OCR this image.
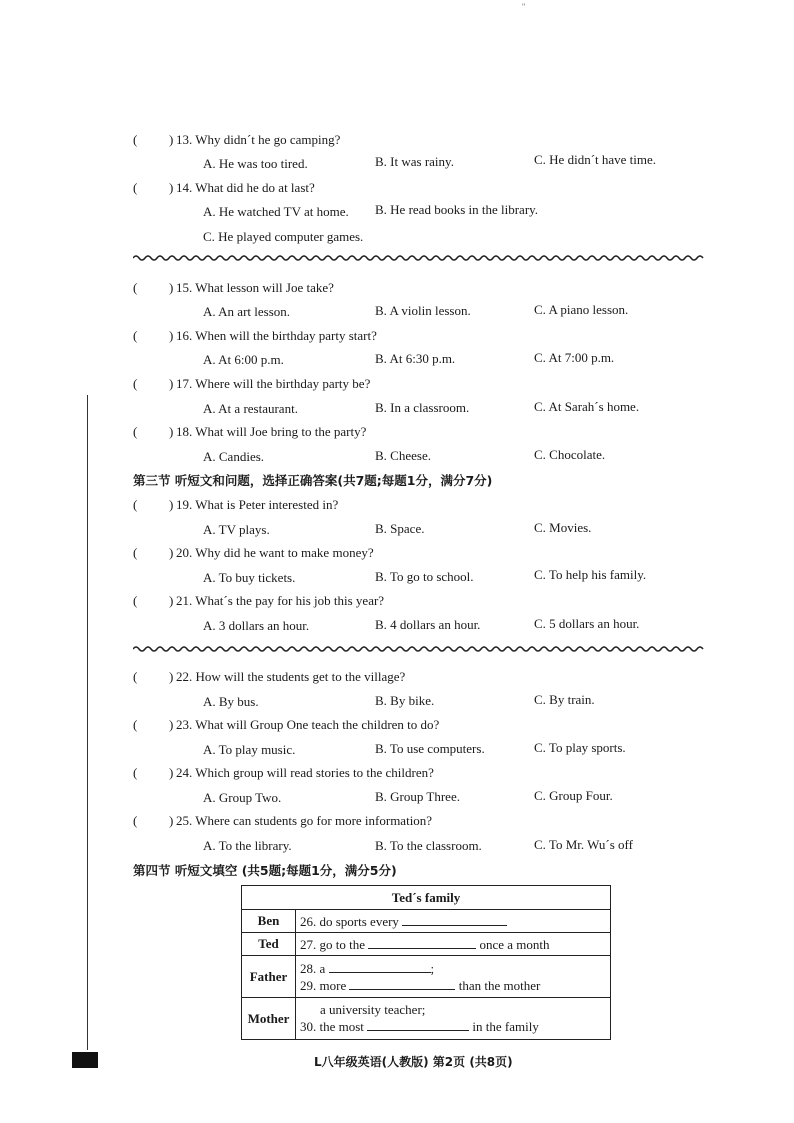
''
( ) 13. Why didn´t he go camping?
A. He was too tired.	B. It was rainy.	C. He didn´t have time.
( ) 14. What did he do at last?
A. He watched TV at home. B. He read books in the library.
C. He played computer games.
( ) 15. What lesson will Joe take?
A. An art lesson.	B. A violin lesson.	C. A piano lesson.
( ) 16. When will the birthday party start?
A. At 6:00 p.m.	B. At 6:30 p.m.	C. At 7:00 p.m.
( ) 17. Where will the birthday party be?
A. At a restaurant.	B. In a classroom.	C. At Sarah´s home.
( ) 18. What will Joe bring to the party?
A. Candies.	B. Cheese.	C. Chocolate.
第三节 听短文和问题，选择正确答案(共7题;每题1分，满分7分)
( ) 19. What is Peter interested in?
A. TV plays.	B. Space.	C. Movies.
( ) 20. Why did he want to make money?
A. To buy tickets.	B. To go to school.	C. To help his family.
( ) 21. What´s the pay for his job this year?
A. 3 dollars an hour.	B. 4 dollars an hour.	C. 5 dollars an hour.
( ) 22. How will the students get to the village?
A. By bus.	B. By bike.	C. By train.
( ) 23. What will Group One teach the children to do?
A. To play music.	B. To use computers.	C. To play sports.
( ) 24. Which group will read stories to the children?
A. Group Two.	B. Group Three.	C. Group Four.
( ) 25. Where can students go for more information?
A. To the library.	B. To the classroom.	C. To Mr. Wu´s off
第四节 听短文填空 (共5题;每题1分，满分5分)
Ted´s family	
Ben	26. do sports every
Ted	27. go to the once a month
Father	28. a ;
29. more than the mother

Mother	a university teacher;
30. the most in the family
L八年级英语(人教版) 第2页 (共8页)
